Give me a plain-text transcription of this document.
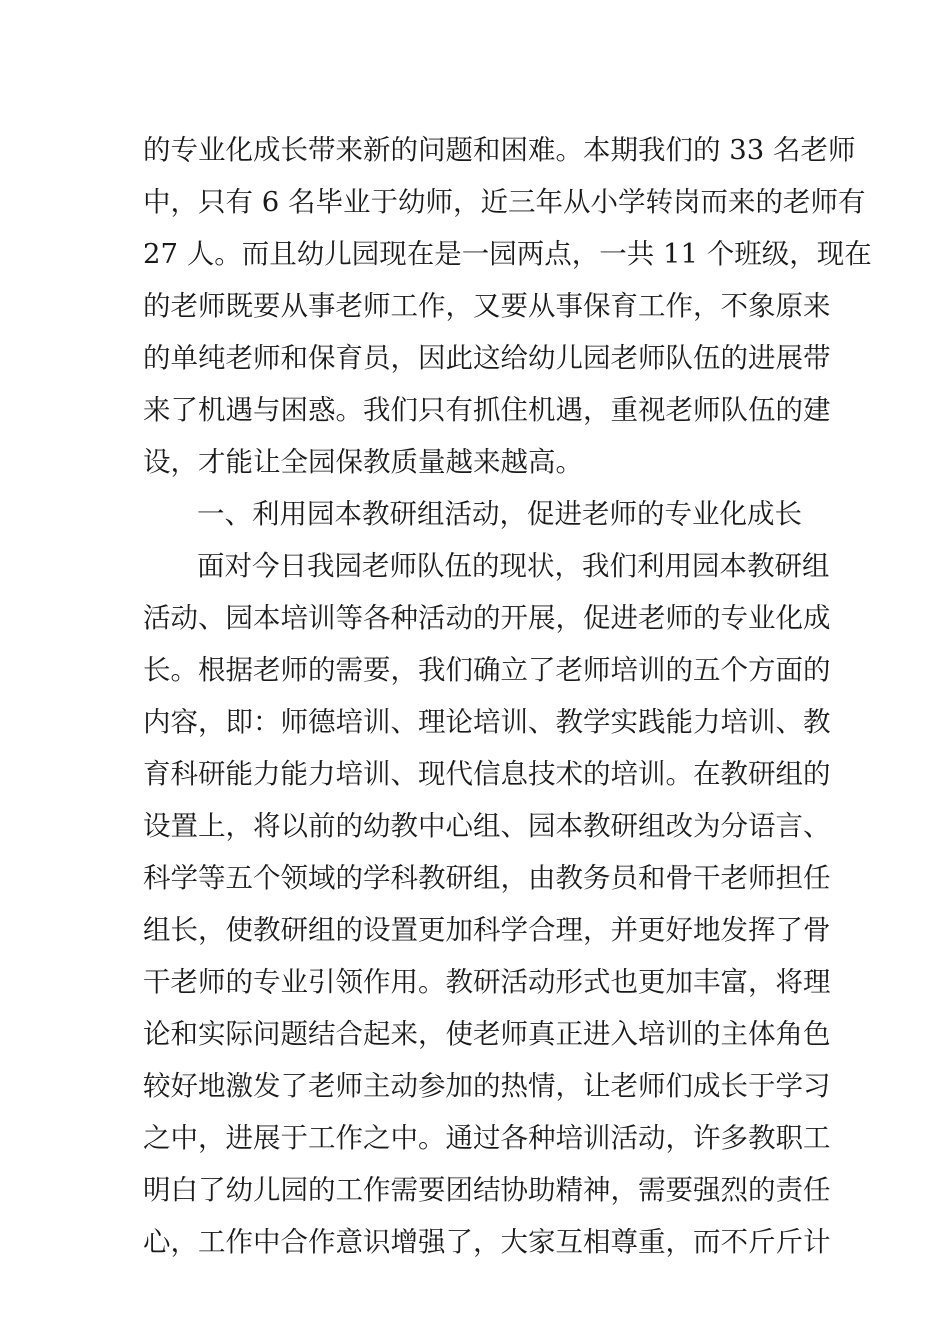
的专业化成长带来新的问题和困难。本期我们的 33 名老师
中，只有 6 名毕业于幼师，近三年从小学转岗而来的老师有
27 人。而且幼儿园现在是一园两点，一共 11 个班级，现在
的老师既要从事老师工作，又要从事保育工作，不象原来
的单纯老师和保育员，因此这给幼儿园老师队伍的进展带
来了机遇与困惑。我们只有抓住机遇，重视老师队伍的建
设，才能让全园保教质量越来越高。
一、利用园本教研组活动，促进老师的专业化成长
面对今日我园老师队伍的现状，我们利用园本教研组
活动、园本培训等各种活动的开展，促进老师的专业化成
长。根据老师的需要，我们确立了老师培训的五个方面的
内容，即：师德培训、理论培训、教学实践能力培训、教
育科研能力能力培训、现代信息技术的培训。在教研组的
设置上，将以前的幼教中心组、园本教研组改为分语言、
科学等五个领域的学科教研组，由教务员和骨干老师担任
组长，使教研组的设置更加科学合理，并更好地发挥了骨
干老师的专业引领作用。教研活动形式也更加丰富，将理
论和实际问题结合起来，使老师真正进入培训的主体角色
较好地激发了老师主动参加的热情，让老师们成长于学习
之中，进展于工作之中。通过各种培训活动，许多教职工
明白了幼儿园的工作需要团结协助精神，需要强烈的责任
心，工作中合作意识增强了，大家互相尊重，而不斤斤计
